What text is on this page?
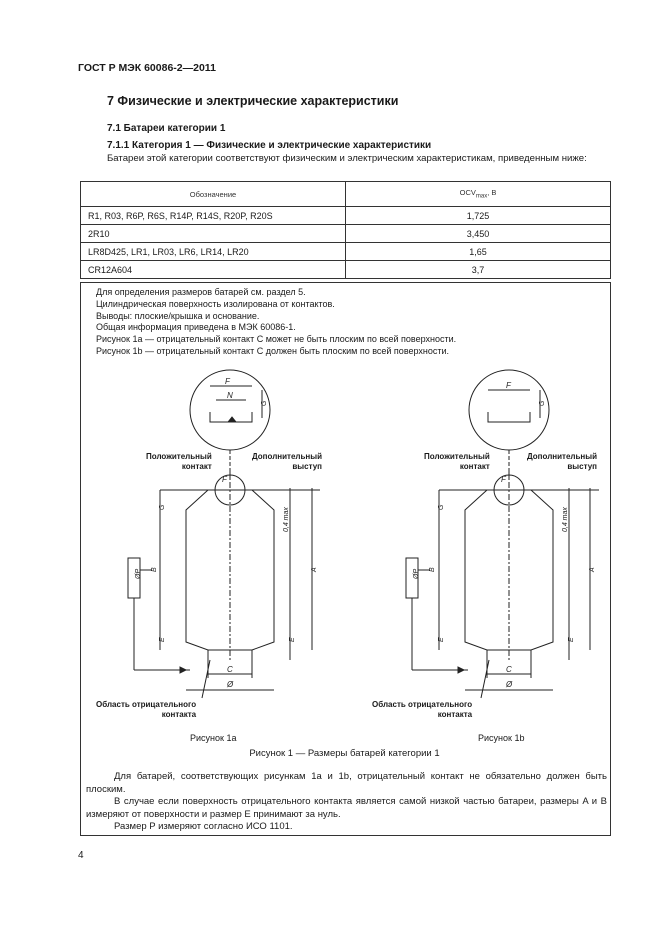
ГОСТ Р МЭК 60086-2—2011
7 Физические и электрические характеристики
7.1 Батареи категории 1
7.1.1 Категория 1 — Физические и электрические характеристики
Батареи этой категории соответствуют физическим и электрическим характеристикам, приведенным ниже:
Обозначение	$OCV_{max}$, В
R1, R03, R6P, R6S, R14P, R14S, R20P, R20S	1,725
2R10	3,450
LR8D425, LR1, LR03, LR6, LR14, LR20	1,65
CR12A604	3,7
Для определения размеров батарей см. раздел 5.
Цилиндрическая поверхность изолирована от контактов.
Выводы: плоские/крышка и основание.
Общая информация приведена в МЭК 60086-1.
Рисунок 1а — отрицательный контакт C может не быть плоским по всей поверхности.
Рисунок 1b — отрицательный контакт C должен быть плоским по всей поверхности.
F
N
G
F
G
E
ØP B
0,4 max
A
E
C
Ø
F
G
F
G
E
ØP B
0,4 max
A
E
C
Ø
Положительный
контакт
Дополнительный
выступ
Область отрицательного
контакта
Положительный
контакт
Дополнительный
выступ
Область отрицательного
контакта
Рисунок 1а	Рисунок 1b
Рисунок 1 — Размеры батарей категории 1

Для батарей, соответствующих рисункам 1а и 1b, отрицательный контакт не обязательно должен быть плоским.

В случае если поверхность отрицательного контакта является самой низкой частью батареи, размеры A и B измеряют от поверхности и размер E принимают за нуль.

Размер P измеряют согласно ИСО 1101.

4
